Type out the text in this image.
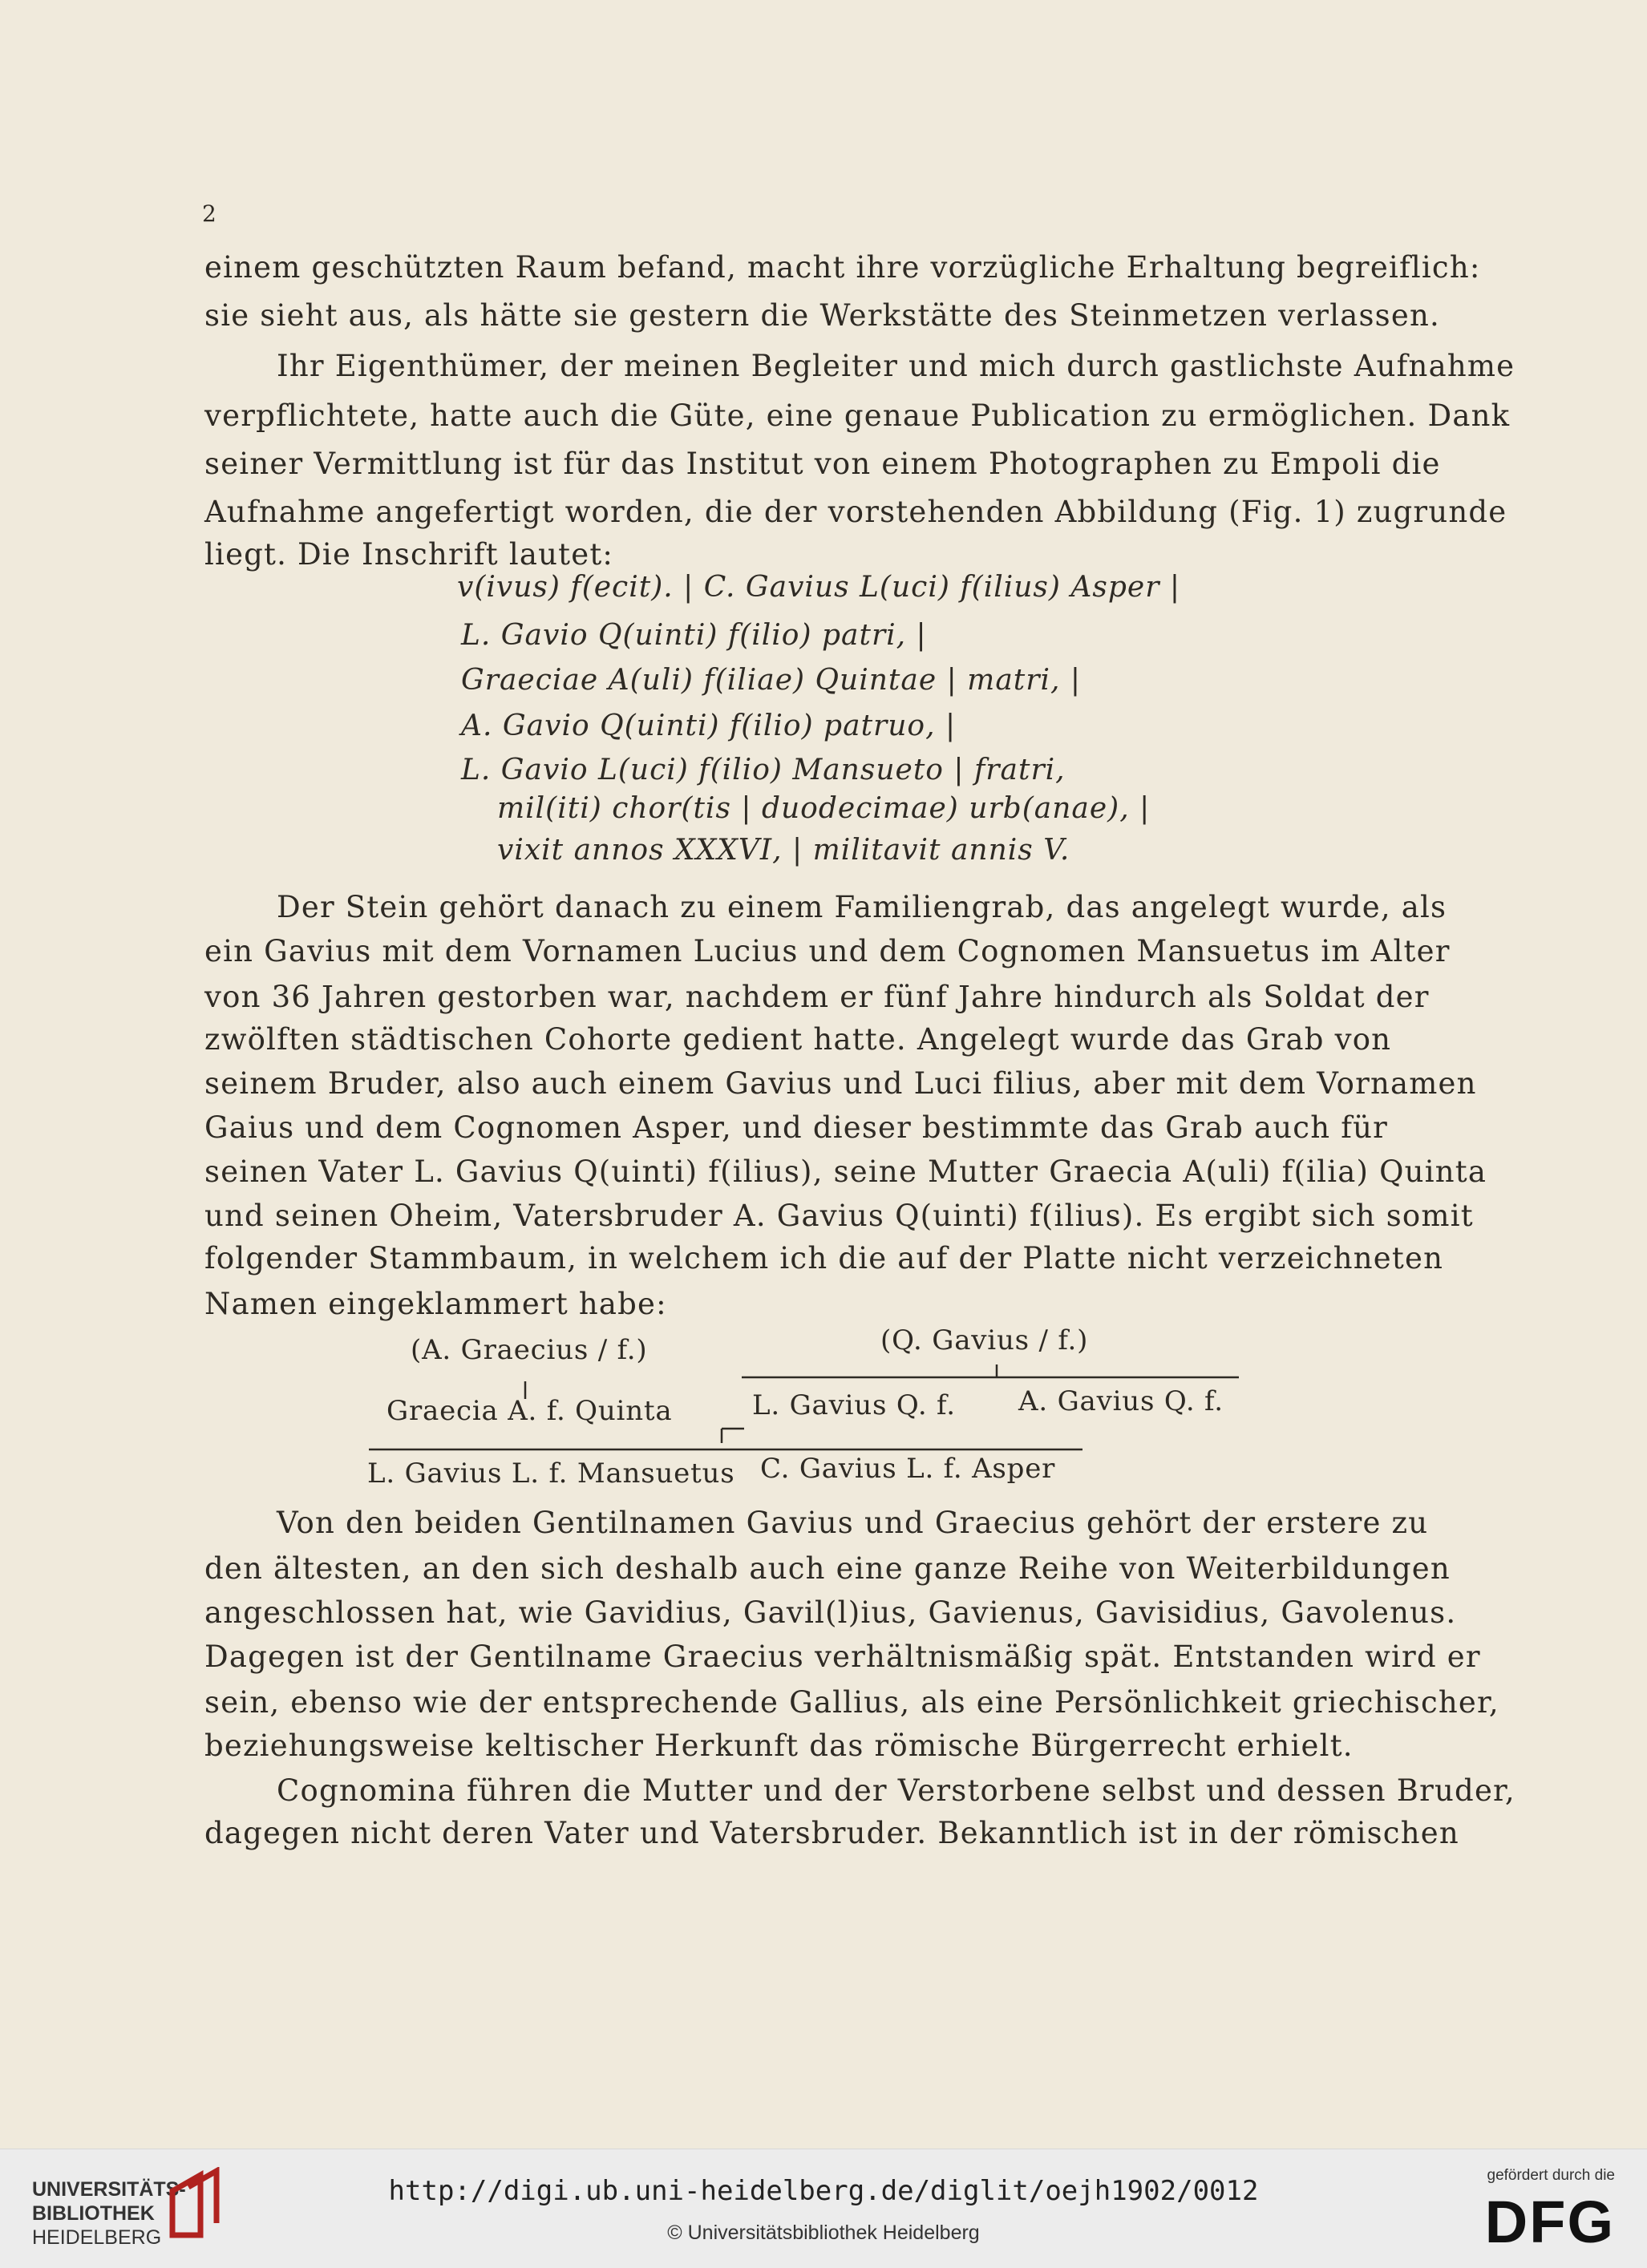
2
einem geschützten Raum befand, macht ihre vorzügliche Erhaltung begreiflich:
sie sieht aus, als hätte sie gestern die Werkstätte des Steinmetzen verlassen.
Ihr Eigenthümer, der meinen Begleiter und mich durch gastlichste Aufnahme
verpflichtete, hatte auch die Güte, eine genaue Publication zu ermöglichen. Dank
seiner Vermittlung ist für das Institut von einem Photographen zu Empoli die
Aufnahme angefertigt worden, die der vorstehenden Abbildung (Fig. 1) zugrunde
liegt. Die Inschrift lautet:
v(ivus) f(ecit). | C. Gavius L(uci) f(ilius) Asper |
L. Gavio Q(uinti) f(ilio) patri, |
Graeciae A(uli) f(iliae) Quintae | matri, |
A. Gavio Q(uinti) f(ilio) patruo, |
L. Gavio L(uci) f(ilio) Mansueto | fratri,
mil(iti) chor(tis | duodecimae) urb(anae), |
vixit annos XXXVI, | militavit annis V.
Der Stein gehört danach zu einem Familiengrab, das angelegt wurde, als
ein Gavius mit dem Vornamen Lucius und dem Cognomen Mansuetus im Alter
von 36 Jahren gestorben war, nachdem er fünf Jahre hindurch als Soldat der
zwölften städtischen Cohorte gedient hatte. Angelegt wurde das Grab von
seinem Bruder, also auch einem Gavius und Luci filius, aber mit dem Vornamen
Gaius und dem Cognomen Asper, und dieser bestimmte das Grab auch für
seinen Vater L. Gavius Q(uinti) f(ilius), seine Mutter Graecia A(uli) f(ilia) Quinta
und seinen Oheim, Vatersbruder A. Gavius Q(uinti) f(ilius). Es ergibt sich somit
folgender Stammbaum, in welchem ich die auf der Platte nicht verzeichneten
Namen eingeklammert habe:
(A. Graecius / f.)	(Q. Gavius / f.)
Graecia A. f. Quinta	L. Gavius Q. f. A. Gavius Q. f.
L. Gavius L. f. Mansuetus C. Gavius L. f. Asper
Von den beiden Gentilnamen Gavius und Graecius gehört der erstere zu
den ältesten, an den sich deshalb auch eine ganze Reihe von Weiterbildungen
angeschlossen hat, wie Gavidius, Gavil(l)ius, Gavienus, Gavisidius, Gavolenus.
Dagegen ist der Gentilname Graecius verhältnismäßig spät. Entstanden wird er
sein, ebenso wie der entsprechende Gallius, als eine Persönlichkeit griechischer,
beziehungsweise keltischer Herkunft das römische Bürgerrecht erhielt.
Cognomina führen die Mutter und der Verstorbene selbst und dessen Bruder,
dagegen nicht deren Vater und Vatersbruder. Bekanntlich ist in der römischen
UNIVERSITÄTS-
BIBLIOTHEK
HEIDELBERG
http://digi.ub.uni-heidelberg.de/diglit/oejh1902/0012
© Universitätsbibliothek Heidelberg
gefördert durch die
DFG
